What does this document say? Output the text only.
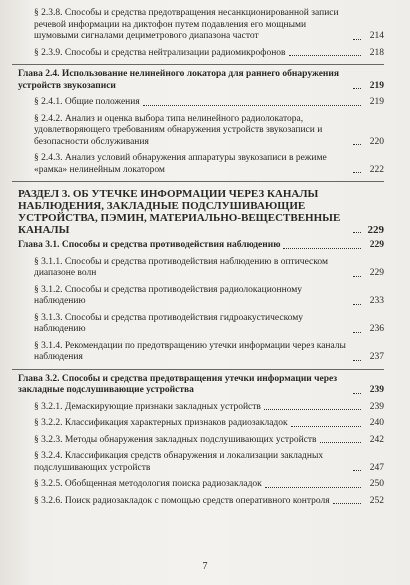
§ 2.3.8. Способы и средства предотвращения несанкционированной записи речевой информации на диктофон путем подавления его мощными шумовыми сигналами дециметрового диапазона частот	214
§ 2.3.9. Способы и средства нейтрализации радиомикрофонов	218
Глава 2.4. Использование нелинейного локатора для раннего обнаружения устройств звукозаписи	219
§ 2.4.1. Общие положения	219
§ 2.4.2. Анализ и оценка выбора типа нелинейного радиолокатора, удовлетворяющего требованиям обнаружения устройств звукозаписи и безопасности обслуживания	220
§ 2.4.3. Анализ условий обнаружения аппаратуры звукозаписи в режиме «рамка» нелинейным локатором	222
РАЗДЕЛ 3. ОБ УТЕЧКЕ ИНФОРМАЦИИ ЧЕРЕЗ КАНАЛЫ НАБЛЮДЕНИЯ, ЗАКЛАДНЫЕ ПОДСЛУШИВАЮЩИЕ УСТРОЙСТВА, ПЭМИН, МАТЕРИАЛЬНО-ВЕЩЕСТВЕННЫЕ КАНАЛЫ	229
Глава 3.1. Способы и средства противодействия наблюдению	229
§ 3.1.1. Способы и средства противодействия наблюдению в оптическом диапазоне волн	229
§ 3.1.2. Способы и средства противодействия радиолокационному наблюдению	233
§ 3.1.3. Способы и средства противодействия гидроакустическому наблюдению	236
§ 3.1.4. Рекомендации по предотвращению утечки информации через каналы наблюдения	237
Глава 3.2. Способы и средства предотвращения утечки информации через закладные подслушивающие устройства	239
§ 3.2.1. Демаскирующие признаки закладных устройств	239
§ 3.2.2. Классификация характерных признаков радиозакладок	240
§ 3.2.3. Методы обнаружения закладных подслушивающих устройств	242
§ 3.2.4. Классификация средств обнаружения и локализации закладных подслушивающих устройств	247
§ 3.2.5. Обобщенная методология поиска радиозакладок	250
§ 3.2.6. Поиск радиозакладок с помощью средств оперативного контроля	252
7
